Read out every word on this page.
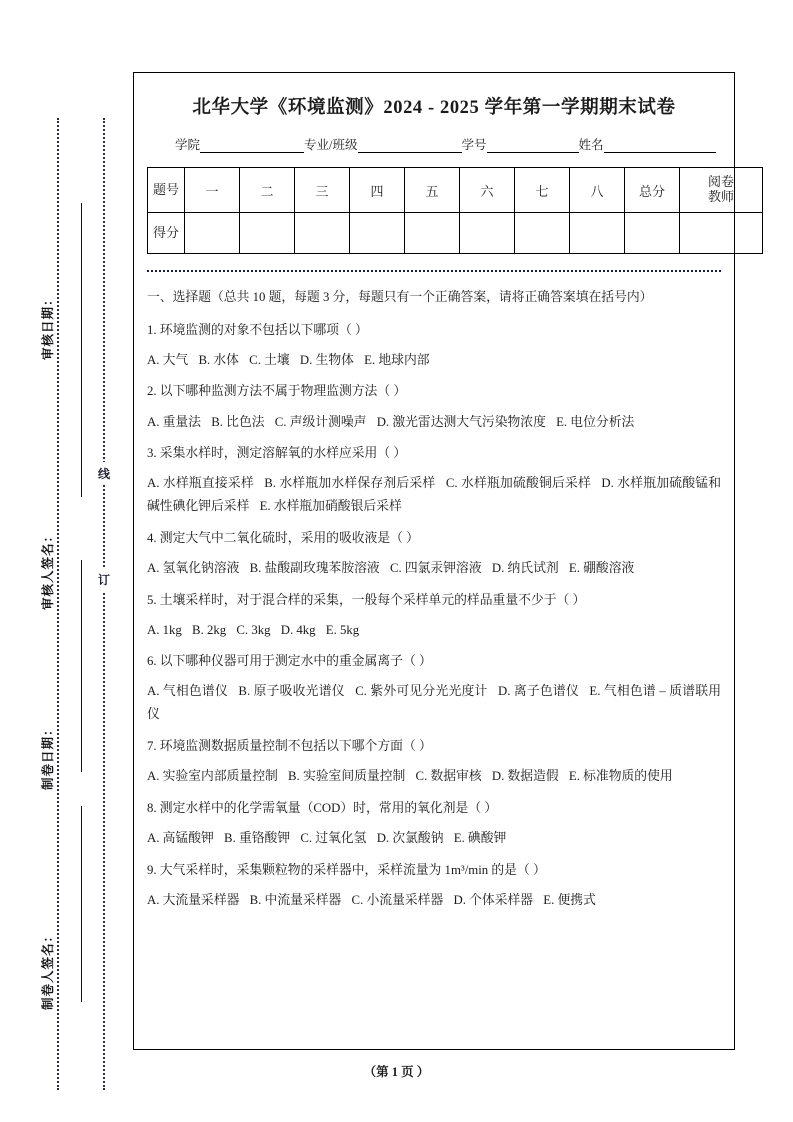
线
订
审核日期：
审核人签名：
制卷日期：
制卷人签名：
北华大学《环境监测》2024 - 2025 学年第一学期期末试卷
学院	专业/班级	学号	姓名
题号	一	二	三	四	五	六	七	八	总分	阅卷
教师

得分										

一、选择题（总共 10 题，每题 3 分，每题只有一个正确答案，请将正确答案填在括号内）
1. 环境监测的对象不包括以下哪项（ ）
A. 大气 B. 水体 C. 土壤 D. 生物体 E. 地球内部
2. 以下哪种监测方法不属于物理监测方法（ ）
A. 重量法 B. 比色法 C. 声级计测噪声 D. 激光雷达测大气污染物浓度 E. 电位分析法
3. 采集水样时，测定溶解氧的水样应采用（ ）
A. 水样瓶直接采样 B. 水样瓶加水样保存剂后采样 C. 水样瓶加硫酸铜后采样 D. 水样瓶加硫酸锰和碱性碘化钾后采样 E. 水样瓶加硝酸银后采样
4. 测定大气中二氧化硫时，采用的吸收液是（ ）
A. 氢氧化钠溶液 B. 盐酸副玫瑰苯胺溶液 C. 四氯汞钾溶液 D. 纳氏试剂 E. 硼酸溶液
5. 土壤采样时，对于混合样的采集，一般每个采样单元的样品重量不少于（ ）
A. 1kg B. 2kg C. 3kg D. 4kg E. 5kg
6. 以下哪种仪器可用于测定水中的重金属离子（ ）
A. 气相色谱仪 B. 原子吸收光谱仪 C. 紫外可见分光光度计 D. 离子色谱仪 E. 气相色谱 – 质谱联用仪
7. 环境监测数据质量控制不包括以下哪个方面（ ）
A. 实验室内部质量控制 B. 实验室间质量控制 C. 数据审核 D. 数据造假 E. 标准物质的使用
8. 测定水样中的化学需氧量（COD）时，常用的氧化剂是（ ）
A. 高锰酸钾 B. 重铬酸钾 C. 过氧化氢 D. 次氯酸钠 E. 碘酸钾
9. 大气采样时，采集颗粒物的采样器中，采样流量为 1m³/min 的是（ ）
A. 大流量采样器 B. 中流量采样器 C. 小流量采样器 D. 个体采样器 E. 便携式
（第 1 页 ）
